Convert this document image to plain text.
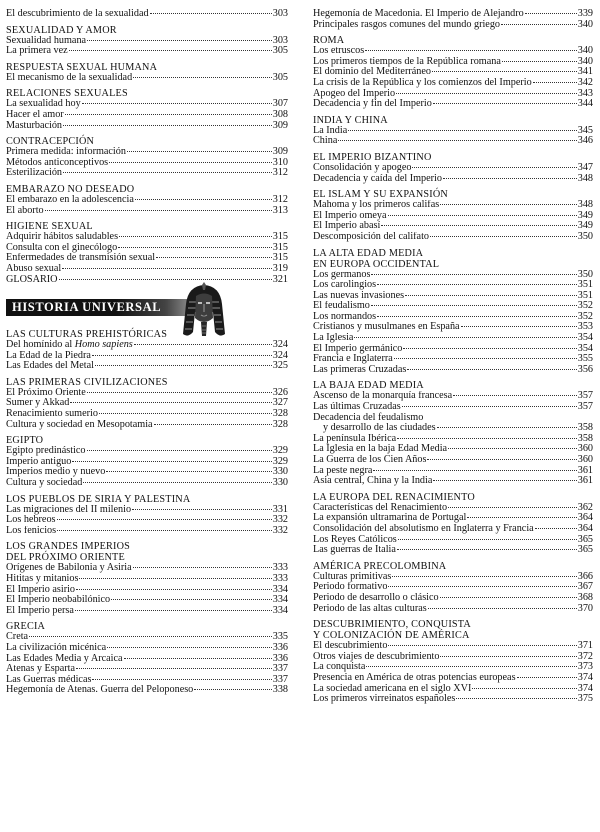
El descubrimiento de la sexualidad	303
SEXUALIDAD Y AMOR
Sexualidad humana	303
La primera vez	305
RESPUESTA SEXUAL HUMANA
El mecanismo de la sexualidad	305
RELACIONES SEXUALES
La sexualidad hoy	307
Hacer el amor	308
Masturbación	309
CONTRACEPCIÓN
Primera medida: información	309
Métodos anticonceptivos	310
Esterilización	312
EMBARAZO NO DESEADO
El embarazo en la adolescencia	312
El aborto	313
HIGIENE SEXUAL
Adquirir hábitos saludables	315
Consulta con el ginecólogo	315
Enfermedades de transmisión sexual	315
Abuso sexual	319
GLOSARIO	321
HISTORIA UNIVERSAL
LAS CULTURAS PREHISTÓRICAS
Del homínido al Homo sapiens	324
La Edad de la Piedra	324
Las Edades del Metal	325
LAS PRIMERAS CIVILIZACIONES
El Próximo Oriente	326
Sumer y Akkad	327
Renacimiento sumerio	328
Cultura y sociedad en Mesopotamia	328
EGIPTO
Egipto predinástico	329
Imperio antiguo	329
Imperios medio y nuevo	330
Cultura y sociedad	330
LOS PUEBLOS DE SIRIA Y PALESTINA
Las migraciones del II milenio	331
Los hebreos	332
Los fenicios	332
LOS GRANDES IMPERIOS
DEL PRÓXIMO ORIENTE
Orígenes de Babilonia y Asiria	333
Hititas y mitanios	333
El Imperio asirio	334
El Imperio neobabilónico	334
El Imperio persa	334
GRECIA
Creta	335
La civilización micénica	336
Las Edades Media y Arcaica	336
Atenas y Esparta	337
Las Guerras médicas	337
Hegemonía de Atenas. Guerra del Peloponeso	338
Hegemonía de Macedonia. El Imperio de Alejandro	339
Principales rasgos comunes del mundo griego	340
ROMA
Los etruscos	340
Los primeros tiempos de la República romana	340
El dominio del Mediterráneo	341
La crisis de la República y los comienzos del Imperio	342
Apogeo del Imperio	343
Decadencia y fin del Imperio	344
INDIA Y CHINA
La India	345
China	346
EL IMPERIO BIZANTINO
Consolidación y apogeo	347
Decadencia y caída del Imperio	348
EL ISLAM Y SU EXPANSIÓN
Mahoma y los primeros califas	348
El Imperio omeya	349
El Imperio abasí	349
Descomposición del califato	350
LA ALTA EDAD MEDIA
EN EUROPA OCCIDENTAL
Los germanos	350
Los carolingios	351
Las nuevas invasiones	351
El feudalismo	352
Los normandos	352
Cristianos y musulmanes en España	353
La Iglesia	354
El Imperio germánico	354
Francia e Inglaterra	355
Las primeras Cruzadas	356
LA BAJA EDAD MEDIA
Ascenso de la monarquía francesa	357
Las últimas Cruzadas	357
Decadencia del feudalismo
y desarrollo de las ciudades	358
La península Ibérica	358
La Iglesia en la baja Edad Media	360
La Guerra de los Cien Años	360
La peste negra	361
Asia central, China y la India	361
LA EUROPA DEL RENACIMIENTO
Características del Renacimiento	362
La expansión ultramarina de Portugal	364
Consolidación del absolutismo en Inglaterra y Francia	364
Los Reyes Católicos	365
Las guerras de Italia	365
AMÉRICA PRECOLOMBINA
Culturas primitivas	366
Periodo formativo	367
Periodo de desarrollo o clásico	368
Periodo de las altas culturas	370
DESCUBRIMIENTO, CONQUISTA
Y COLONIZACIÓN DE AMÉRICA
El descubrimiento	371
Otros viajes de descubrimiento	372
La conquista	373
Presencia en América de otras potencias europeas	374
La sociedad americana en el siglo XVI	374
Los primeros virreinatos españoles	375
